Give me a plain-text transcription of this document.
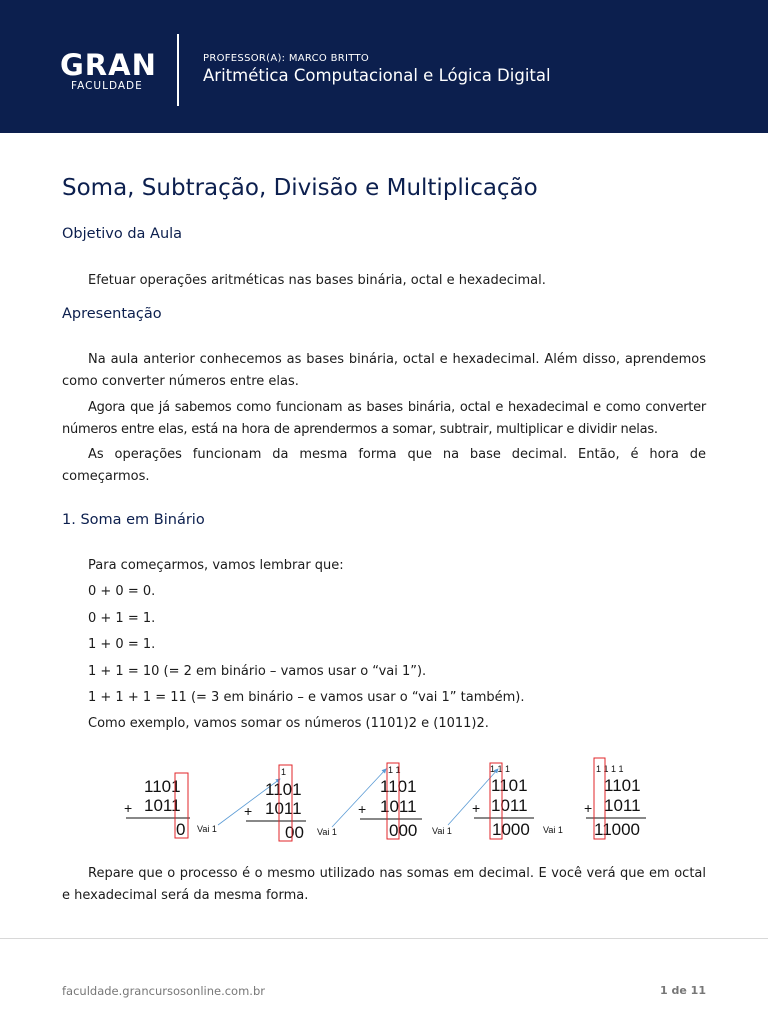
GRAN
FACULDADE
PROFESSOR(A): MARCO BRITTO
Aritmética Computacional e Lógica Digital
Soma, Subtração, Divisão e Multiplicação
Objetivo da Aula

Efetuar operações aritméticas nas bases binária, octal e hexadecimal.

Apresentação

Na aula anterior conhecemos as bases binária, octal e hexadecimal. Além disso, aprendemos como converter números entre elas.

Agora que já sabemos como funcionam as bases binária, octal e hexadecimal e como converter números entre elas, está na hora de aprendermos a somar, subtrair, multiplicar e dividir nelas.

As operações funcionam da mesma forma que na base decimal. Então, é hora de começarmos.

1. Soma em Binário
Para começarmos, vamos lembrar que:
0 + 0 = 0.
0 + 1 = 1.
1 + 0 = 1.
1 + 1 = 10 (= 2 em binário – vamos usar o “vai 1”).
1 + 1 + 1 = 11 (= 3 em binário – e vamos usar o “vai 1” também).
Como exemplo, vamos somar os números (1101)2 e (1011)2.
1101
1011
+
0 Vai 1
1
1101
1011
+
00 Vai 1
1 1
1101
1011
+
000 Vai 1
1 1 1
1101
1011
+
1000 Vai 1
1 1 1 1
1101
1011
+
11000

Repare que o processo é o mesmo utilizado nas somas em decimal. E você verá que em octal e hexadecimal será da mesma forma.

faculdade.grancursosonline.com.br	1 de 11
